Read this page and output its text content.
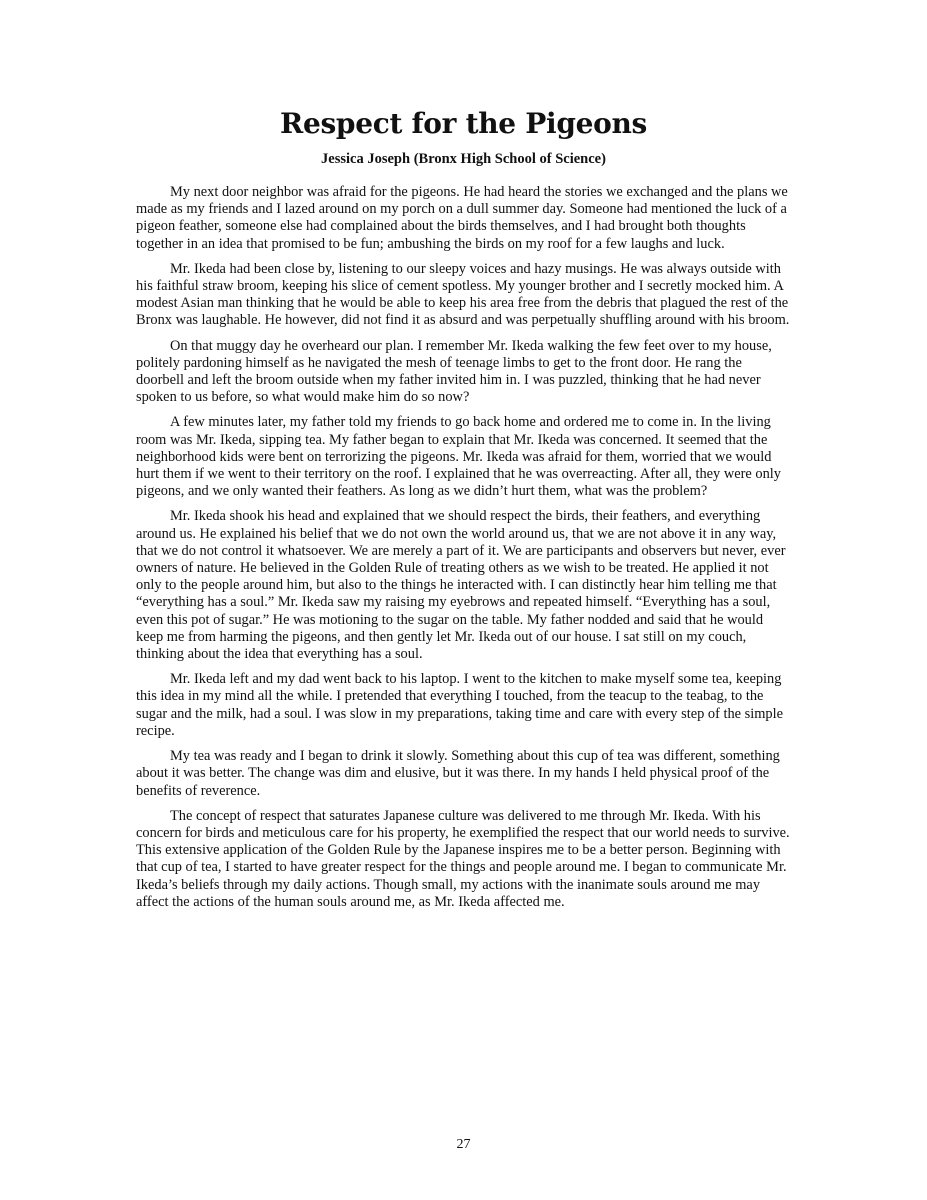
Respect for the Pigeons
Jessica Joseph (Bronx High School of Science)

My next door neighbor was afraid for the pigeons. He had heard the stories we exchanged and the plans we made as my friends and I lazed around on my porch on a dull summer day. Someone had mentioned the luck of a pigeon feather, someone else had complained about the birds themselves, and I had brought both thoughts together in an idea that promised to be fun; ambushing the birds on my roof for a few laughs and luck.

Mr. Ikeda had been close by, listening to our sleepy voices and hazy musings. He was always outside with his faithful straw broom, keeping his slice of cement spotless. My younger brother and I secretly mocked him. A modest Asian man thinking that he would be able to keep his area free from the debris that plagued the rest of the Bronx was laughable. He however, did not find it as absurd and was perpetually shuffling around with his broom.

On that muggy day he overheard our plan. I remember Mr. Ikeda walking the few feet over to my house, politely pardoning himself as he navigated the mesh of teenage limbs to get to the front door. He rang the doorbell and left the broom outside when my father invited him in. I was puzzled, thinking that he had never spoken to us before, so what would make him do so now?

A few minutes later, my father told my friends to go back home and ordered me to come in. In the living room was Mr. Ikeda, sipping tea. My father began to explain that Mr. Ikeda was concerned. It seemed that the neighborhood kids were bent on terrorizing the pigeons. Mr. Ikeda was afraid for them, worried that we would hurt them if we went to their territory on the roof. I explained that he was overreacting. After all, they were only pigeons, and we only wanted their feathers. As long as we didn’t hurt them, what was the problem?

Mr. Ikeda shook his head and explained that we should respect the birds, their feathers, and everything around us. He explained his belief that we do not own the world around us, that we are not above it in any way, that we do not control it whatsoever. We are merely a part of it. We are participants and observers but never, ever owners of nature. He believed in the Golden Rule of treating others as we wish to be treated. He applied it not only to the people around him, but also to the things he interacted with. I can distinctly hear him telling me that “everything has a soul.” Mr. Ikeda saw my raising my eyebrows and repeated himself. “Everything has a soul, even this pot of sugar.” He was motioning to the sugar on the table. My father nodded and said that he would keep me from harming the pigeons, and then gently let Mr. Ikeda out of our house. I sat still on my couch, thinking about the idea that everything has a soul.

Mr. Ikeda left and my dad went back to his laptop. I went to the kitchen to make myself some tea, keeping this idea in my mind all the while. I pretended that everything I touched, from the teacup to the teabag, to the sugar and the milk, had a soul. I was slow in my preparations, taking time and care with every step of the simple recipe.

My tea was ready and I began to drink it slowly. Something about this cup of tea was different, something about it was better. The change was dim and elusive, but it was there. In my hands I held physical proof of the benefits of reverence.

The concept of respect that saturates Japanese culture was delivered to me through Mr. Ikeda. With his concern for birds and meticulous care for his property, he exemplified the respect that our world needs to survive. This extensive application of the Golden Rule by the Japanese inspires me to be a better person. Beginning with that cup of tea, I started to have greater respect for the things and people around me. I began to communicate Mr. Ikeda’s beliefs through my daily actions. Though small, my actions with the inanimate souls around me may affect the actions of the human souls around me, as Mr. Ikeda affected me.

27
